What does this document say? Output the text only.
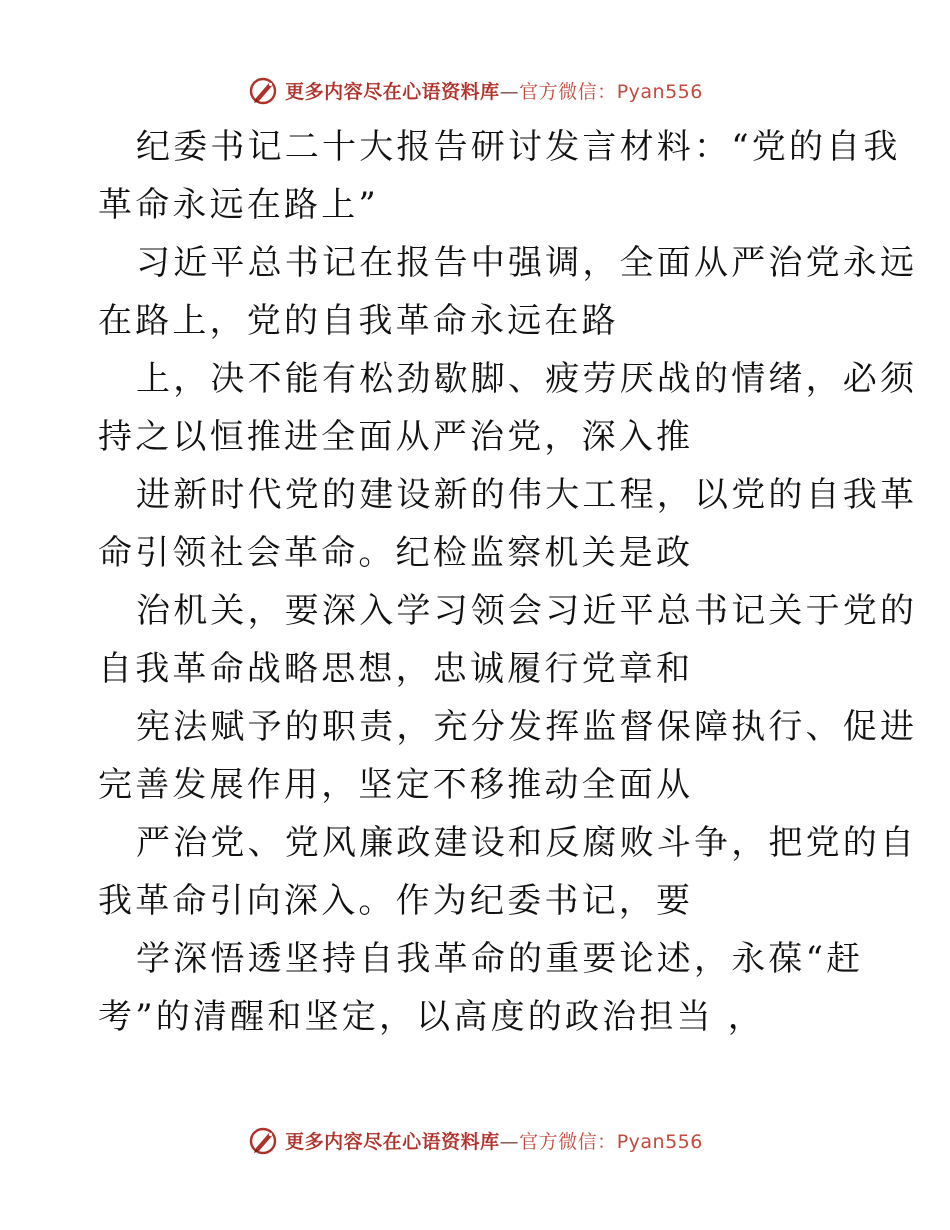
更多内容尽在心语资料库—官方微信：Pyan556

纪委书记二十大报告研讨发言材料：“党的自我
革命永远在路上”

习近平总书记在报告中强调，全面从严治党永远
在路上，党的自我革命永远在路

上，决不能有松劲歇脚、疲劳厌战的情绪，必须
持之以恒推进全面从严治党，深入推

进新时代党的建设新的伟大工程，以党的自我革
命引领社会革命。纪检监察机关是政

治机关，要深入学习领会习近平总书记关于党的
自我革命战略思想，忠诚履行党章和

宪法赋予的职责，充分发挥监督保障执行、促进
完善发展作用，坚定不移推动全面从

严治党、党风廉政建设和反腐败斗争，把党的自
我革命引向深入。作为纪委书记，要

学深悟透坚持自我革命的重要论述，永葆“赶
考”的清醒和坚定，以高度的政治担当 ，

更多内容尽在心语资料库—官方微信：Pyan556
